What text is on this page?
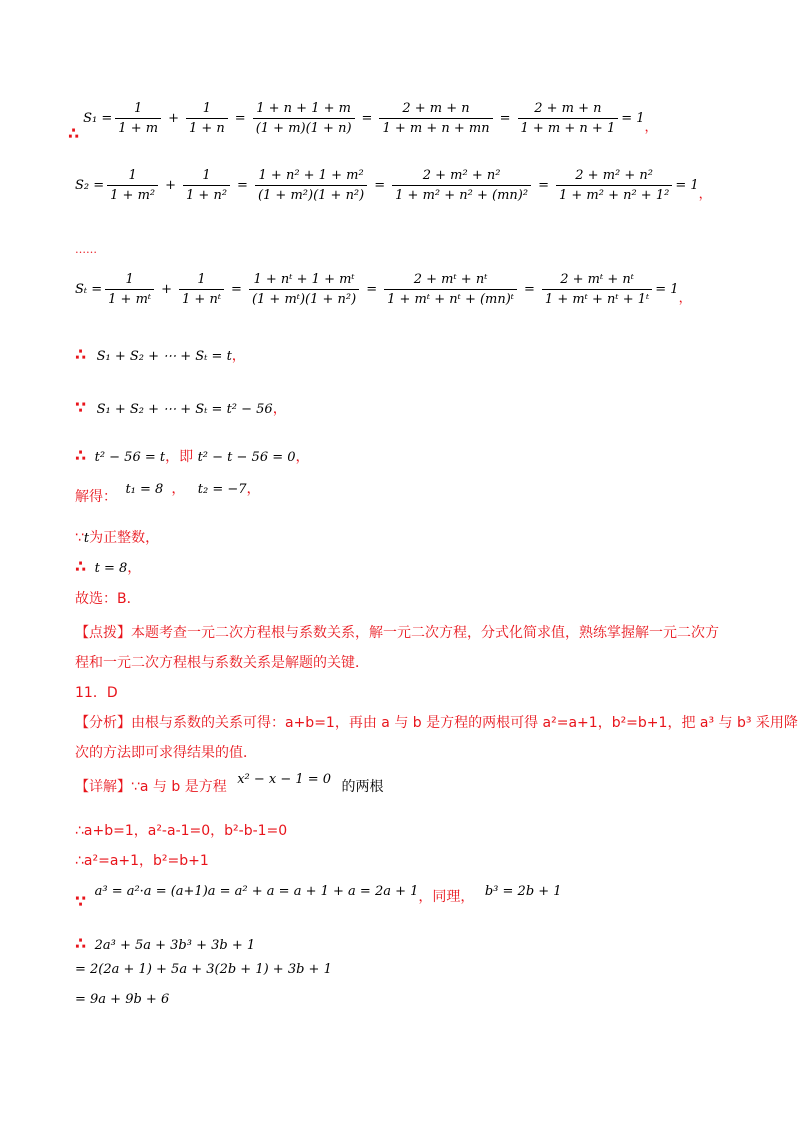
∴
$S_1 = \frac{1}{1 + m} + \frac{1}{1 + n} = \frac{1 + n + 1 + m}{(1 + m)(1 + n)} = \frac{2 + m + n}{1 + m + n + mn} = \frac{2 + m + n}{1 + m + n + 1} = 1$
，
$S_2 = \frac{1}{\text{1 + m²}} + \frac{1}{\text{1 + n²}} = \frac{\text{1 + n² + 1 + m²}}{\text{(1 + m²)(1 + n²)}} = \frac{\text{2 + m² + n²}}{\text{1 + m² + n² + (mn)²}} = \frac{\text{2 + m² + n²}}{\text{1 + m² + n² + 1²}} = 1$
，
……
$S_t = \frac{1}{\text{1 + mᵗ}} + \frac{1}{\text{1 + nᵗ}} = \frac{\text{1 + nᵗ + 1 + mᵗ}}{\text{(1 + mᵗ)(1 + n²)}} = \frac{\text{2 + mᵗ + nᵗ}}{\text{1 + mᵗ + nᵗ + (mn)ᵗ}} = \frac{\text{2 + mᵗ + nᵗ}}{\text{1 + mᵗ + nᵗ + 1ᵗ}} = 1$
，
∴ S₁ + S₂ + ⋯ + Sₜ = t，
∵ S₁ + S₂ + ⋯ + Sₜ = t² − 56，
∴ t² − 56 = t，即 t² − t − 56 = 0，
解得： t₁ = 8 ， t₂ = −7，
∵t为正整数，
∴ t = 8，
故选：B．
【点拨】本题考查一元二次方程根与系数关系，解一元二次方程，分式化简求值，熟练掌握解一元二次方
程和一元二次方程根与系数关系是解题的关键．
11．D
【分析】由根与系数的关系可得：a+b=1，再由 a 与 b 是方程的两根可得 a²=a+1，b²=b+1，把 a³ 与 b³ 采用降
次的方法即可求得结果的值．
【详解】∵a 与 b 是方程 x² − x − 1 = 0 的两根
∴a+b=1，a²-a-1=0，b²-b-1=0
∴a²=a+1，b²=b+1
∵ a³ = a²·a = (a+1)a = a² + a = a + 1 + a = 2a + 1，同理， b³ = 2b + 1
∴ 2a³ + 5a + 3b³ + 3b + 1
= 2(2a + 1) + 5a + 3(2b + 1) + 3b + 1
= 9a + 9b + 6
